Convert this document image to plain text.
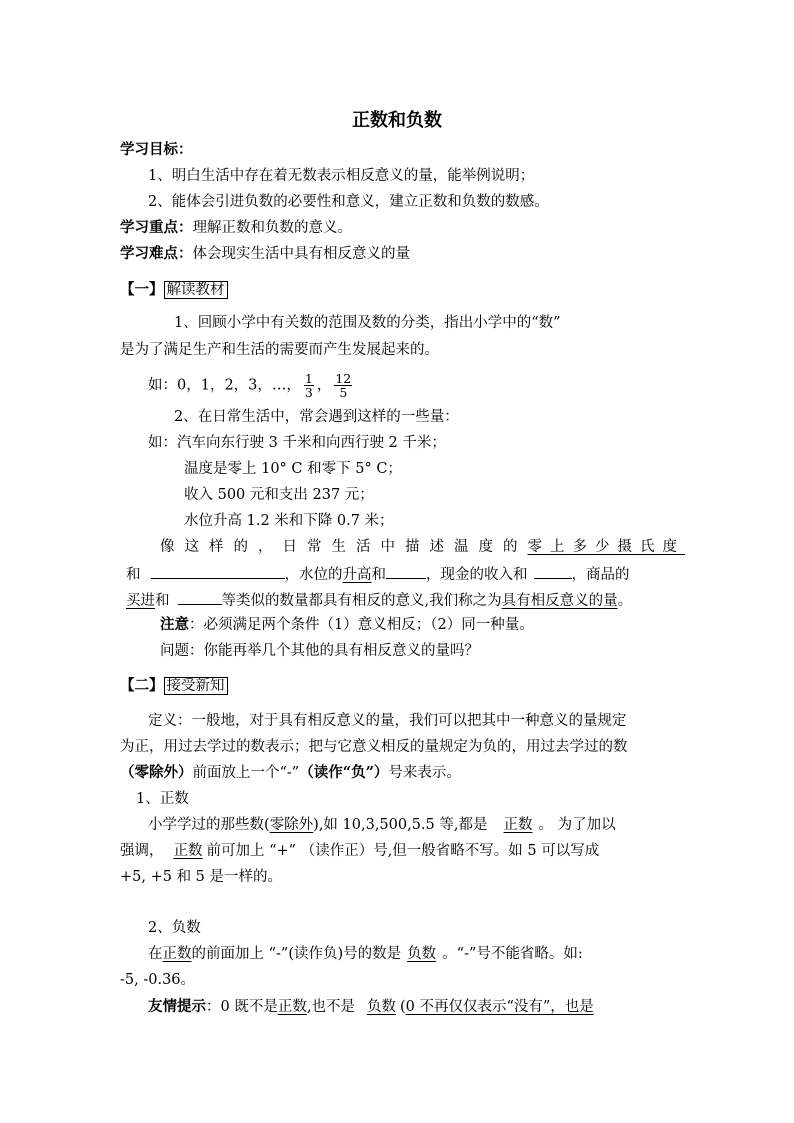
正数和负数
学习目标：
1、明白生活中存在着无数表示相反意义的量，能举例说明；
2、能体会引进负数的必要性和意义，建立正数和负数的数感。
学习重点：理解正数和负数的意义。
学习难点：体会现实生活中具有相反意义的量
【一】 解读教材
1、回顾小学中有关数的范围及数的分类，指出小学中的“数”
是为了满足生产和生活的需要而产生发展起来的。
如：0，1，2，3，…， $\frac{1}{3}$ ， $\frac{12}{5}$
2、在日常生活中，常会遇到这样的一些量：
如：汽车向东行驶 3 千米和向西行驶 2 千米；
温度是零上 10° C 和零下 5° C；
收入 500 元和支出 237 元；
水位升高 1.2 米和下降 0.7 米；
像这样的，日常生活中描述温度的零上多少摄氏度
和	，水位的升高和	，现金的收入和	，商品的
买进和	等类似的数量都具有相反的意义,我们称之为具有相反意义的量。
注意：必须满足两个条件（1）意义相反；（2）同一种量。
问题：你能再举几个其他的具有相反意义的量吗？
【二】 接受新知
定义：一般地，对于具有相反意义的量，我们可以把其中一种意义的量规定
为正，用过去学过的数表示；把与它意义相反的量规定为负的，用过去学过的数
（零除外）前面放上一个“-”（读作“负”）号来表示。
1、正数
小学学过的那些数(零除外),如 10,3,500,5.5 等,都是 正数 。 为了加以
强调， 正数 前可加上 “+” （读作正）号,但一般省略不写。如 5 可以写成
+5, +5 和 5 是一样的。
2、负数
在正数的前面加上 “-”(读作负)号的数是 负数 。“-”号不能省略。如:
-5, -0.36。
友情提示：0 既不是正数,也不是 负数 (0 不再仅仅表示“没有”，也是
